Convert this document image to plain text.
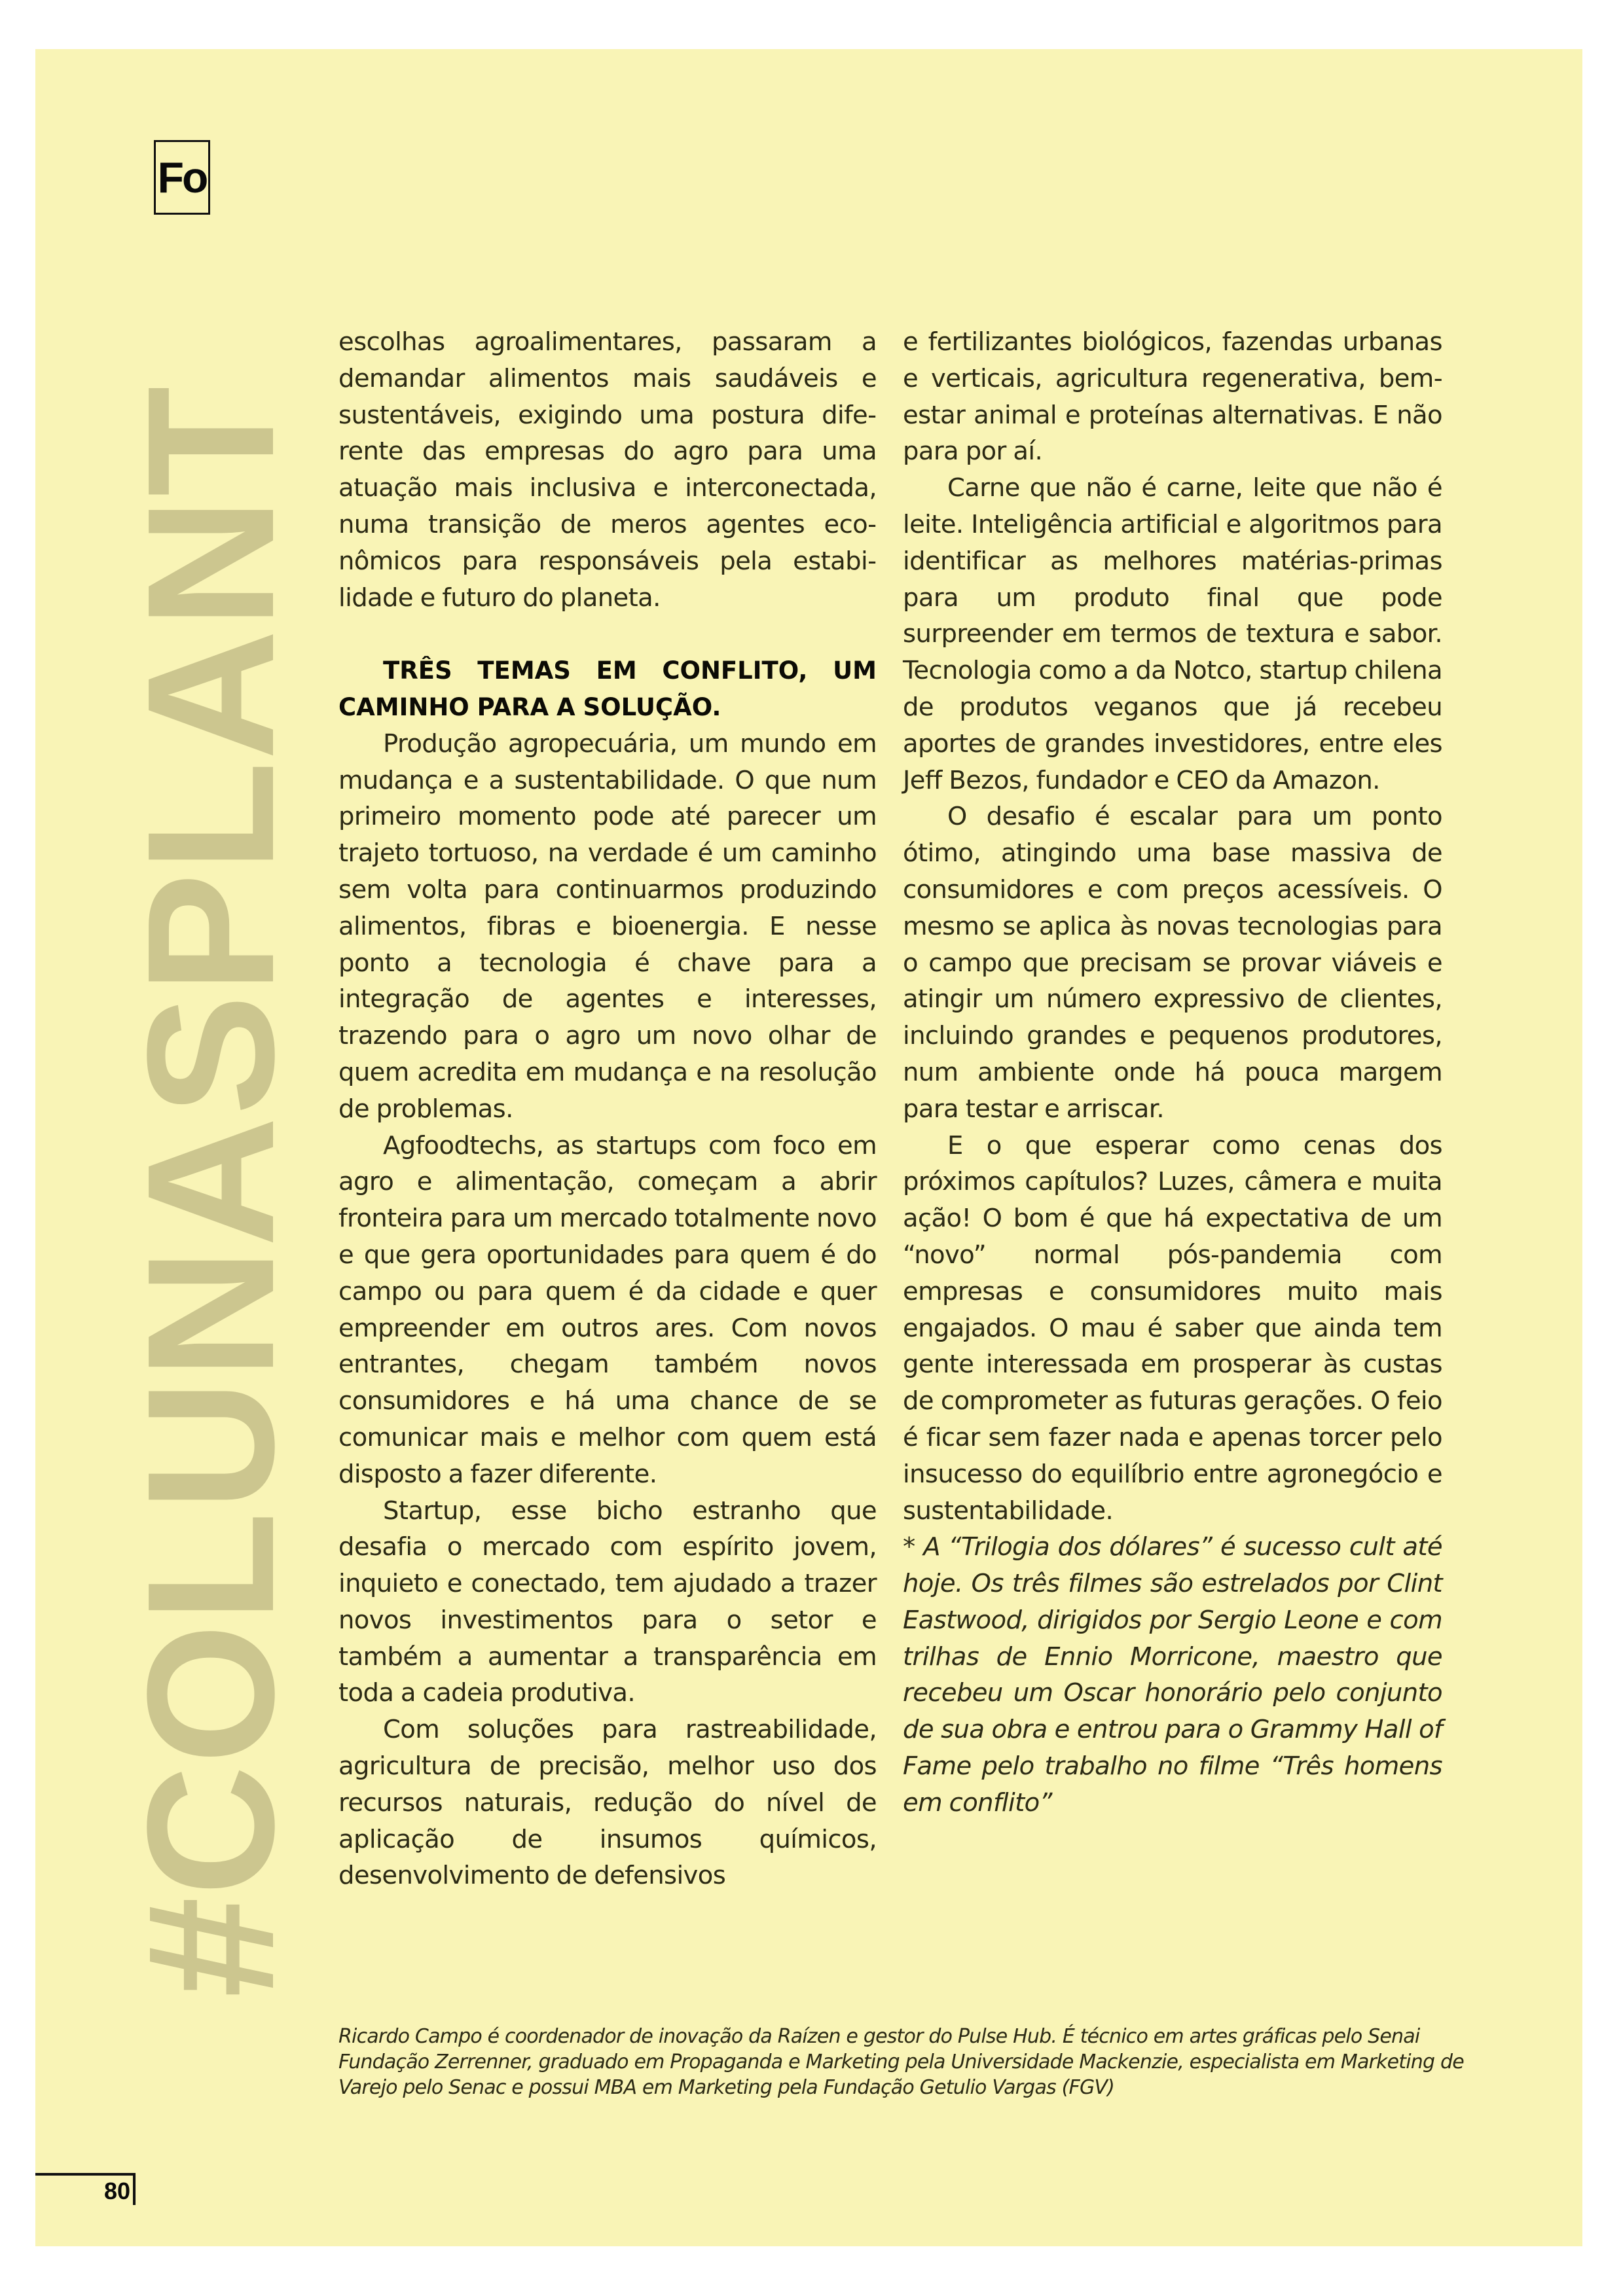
Fo
#COLUNASPLANT

escolhas agroalimentares, passaram a demandar alimentos mais saudáveis e sustentáveis, exigindo uma postura diferente das empresas do agro para uma atuação mais inclusiva e interconectada, numa transição de meros agentes econômicos para responsáveis pela estabilidade e futuro do planeta.

TRÊS TEMAS EM CONFLITO, UM CAMINHO PARA A SOLUÇÃO.

Produção agropecuária, um mundo em mudança e a sustentabilidade. O que num primeiro momento pode até parecer um trajeto tortuoso, na verdade é um caminho sem volta para continuarmos produzindo alimentos, fibras e bioenergia. E nesse ponto a tecnologia é chave para a integração de agentes e interesses, trazendo para o agro um novo olhar de quem acredita em mudança e na resolução de problemas.

Agfoodtechs, as startups com foco em agro e alimentação, começam a abrir fronteira para um mercado totalmente novo e que gera oportunidades para quem é do campo ou para quem é da cidade e quer empreender em outros ares. Com novos entrantes, chegam também novos consumidores e há uma chance de se comunicar mais e melhor com quem está disposto a fazer diferente.

Startup, esse bicho estranho que desafia o mercado com espírito jovem, inquieto e conectado, tem ajudado a trazer novos investimentos para o setor e também a aumentar a transparência em toda a cadeia produtiva.

Com soluções para rastreabilidade, agricultura de precisão, melhor uso dos recursos naturais, redução do nível de aplicação de insumos químicos, desenvolvimento de defensivos

e fertilizantes biológicos, fazendas urbanas e verticais, agricultura regenerativa, bem-estar animal e proteínas alternativas. E não para por aí.

Carne que não é carne, leite que não é leite. Inteligência artificial e algoritmos para identificar as melhores matérias-primas para um produto final que pode surpreender em termos de textura e sabor. Tecnologia como a da Notco, startup chilena de produtos veganos que já recebeu aportes de grandes investidores, entre eles Jeff Bezos, fundador e CEO da Amazon.

O desafio é escalar para um ponto ótimo, atingindo uma base massiva de consumidores e com preços acessíveis. O mesmo se aplica às novas tecnologias para o campo que precisam se provar viáveis e atingir um número expressivo de clientes, incluindo grandes e pequenos produtores, num ambiente onde há pouca margem para testar e arriscar.

E o que esperar como cenas dos próximos capítulos? Luzes, câmera e muita ação! O bom é que há expectativa de um “novo” normal pós-pandemia com empresas e consumidores muito mais engajados. O mau é saber que ainda tem gente interessada em prosperar às custas de comprometer as futuras gerações. O feio é ficar sem fazer nada e apenas torcer pelo insucesso do equilíbrio entre agronegócio e sustentabilidade.

* A “Trilogia dos dólares” é sucesso cult até hoje. Os três filmes são estrelados por Clint Eastwood, dirigidos por Sergio Leone e com trilhas de Ennio Morricone, maestro que recebeu um Oscar honorário pelo conjunto de sua obra e entrou para o Grammy Hall of Fame pelo trabalho no filme “Três homens em conflito”

Ricardo Campo é coordenador de inovação da Raízen e gestor do Pulse Hub. É técnico em artes gráficas pelo Senai Fundação Zerrenner, graduado em Propaganda e Marketing pela Universidade Mackenzie, especialista em Marketing de Varejo pelo Senac e possui MBA em Marketing pela Fundação Getulio Vargas (FGV)
80
